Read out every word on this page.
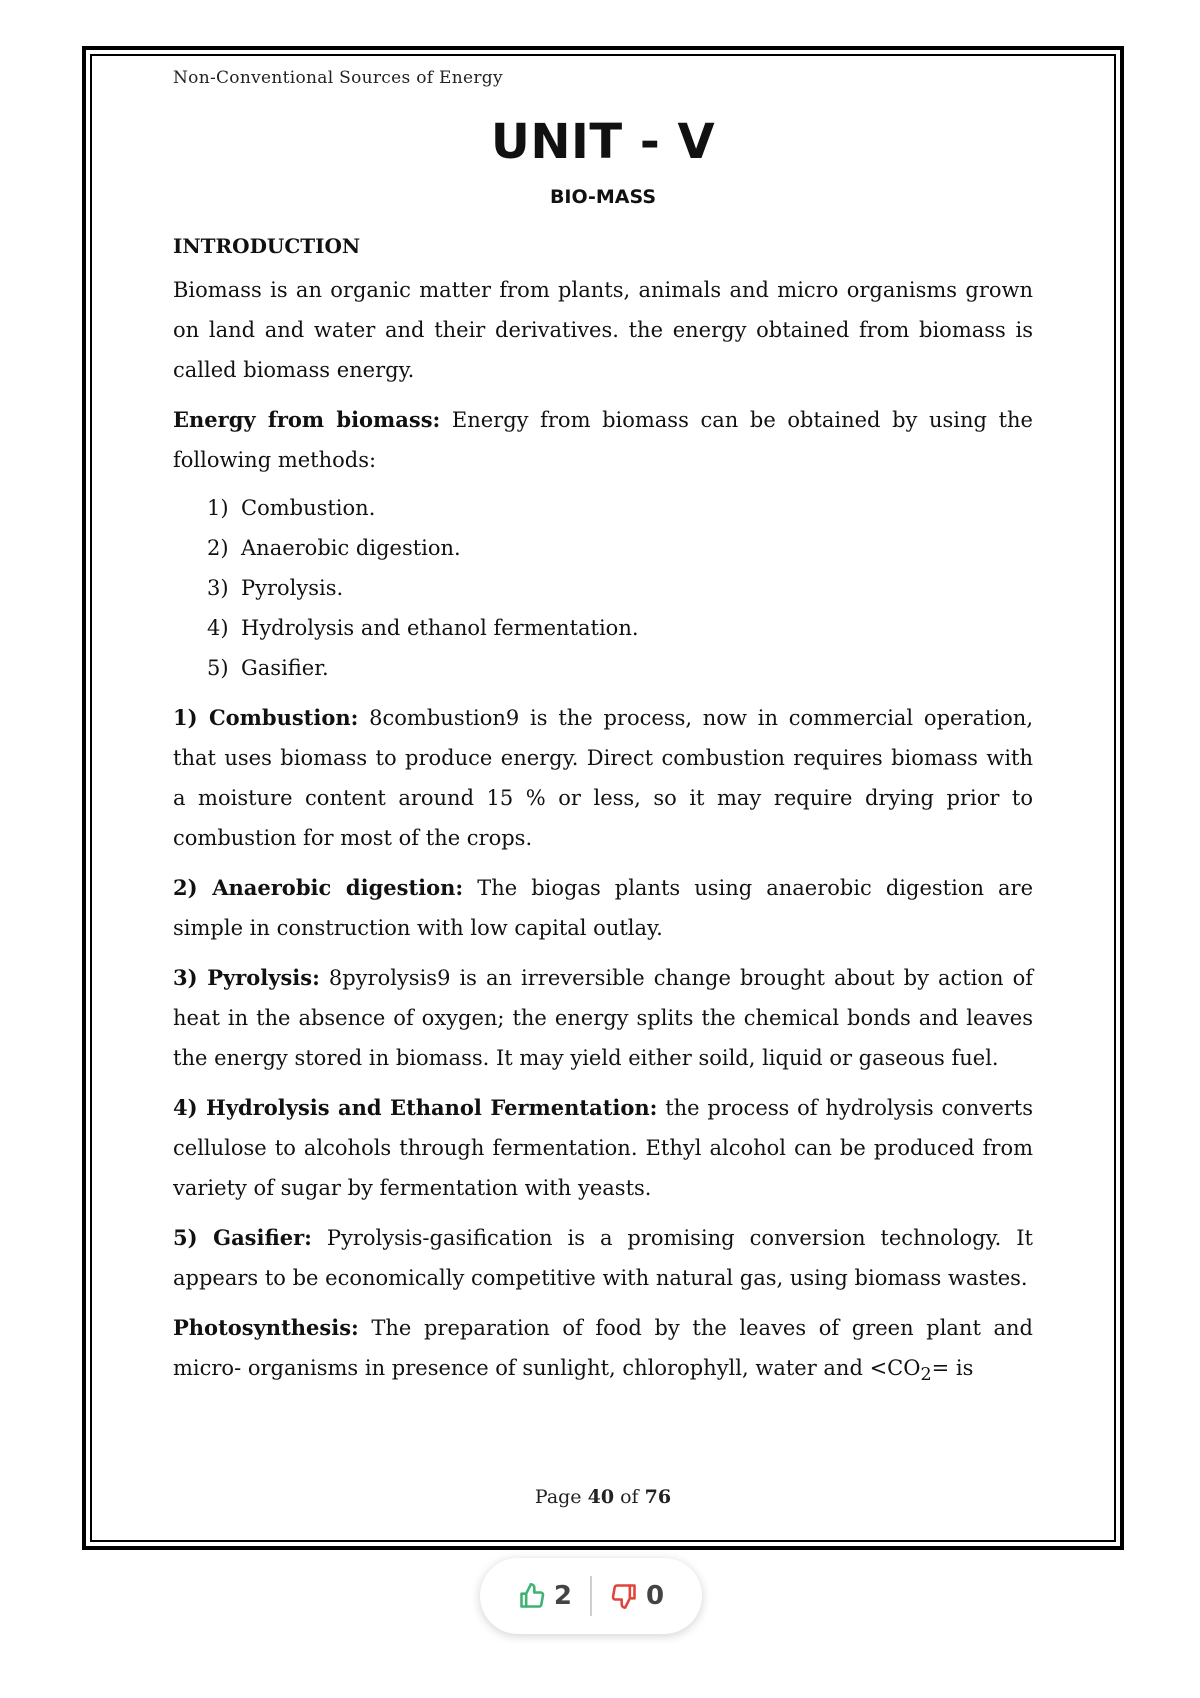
Non-Conventional Sources of Energy
UNIT - V
BIO-MASS
INTRODUCTION

Biomass is an organic matter from plants, animals and micro organisms grown on land and water and their derivatives. the energy obtained from biomass is called biomass energy.

Energy from biomass: Energy from biomass can be obtained by using the following methods:

1) Combustion.
2) Anaerobic digestion.
3) Pyrolysis.
4) Hydrolysis and ethanol fermentation.
5) Gasifier.

1) Combustion: 8combustion9 is the process, now in commercial operation, that uses biomass to produce energy. Direct combustion requires biomass with a moisture content around 15 % or less, so it may require drying prior to combustion for most of the crops.

2) Anaerobic digestion: The biogas plants using anaerobic digestion are simple in construction with low capital outlay.

3) Pyrolysis: 8pyrolysis9 is an irreversible change brought about by action of heat in the absence of oxygen; the energy splits the chemical bonds and leaves the energy stored in biomass. It may yield either soild, liquid or gaseous fuel.

4) Hydrolysis and Ethanol Fermentation: the process of hydrolysis converts cellulose to alcohols through fermentation. Ethyl alcohol can be produced from variety of sugar by fermentation with yeasts.

5) Gasifier: Pyrolysis-gasification is a promising conversion technology. It appears to be economically competitive with natural gas, using biomass wastes.

Photosynthesis: The preparation of food by the leaves of green plant and micro- organisms in presence of sunlight, chlorophyll, water and $<CO_2=$ is

Page 40 of 76
2	0
